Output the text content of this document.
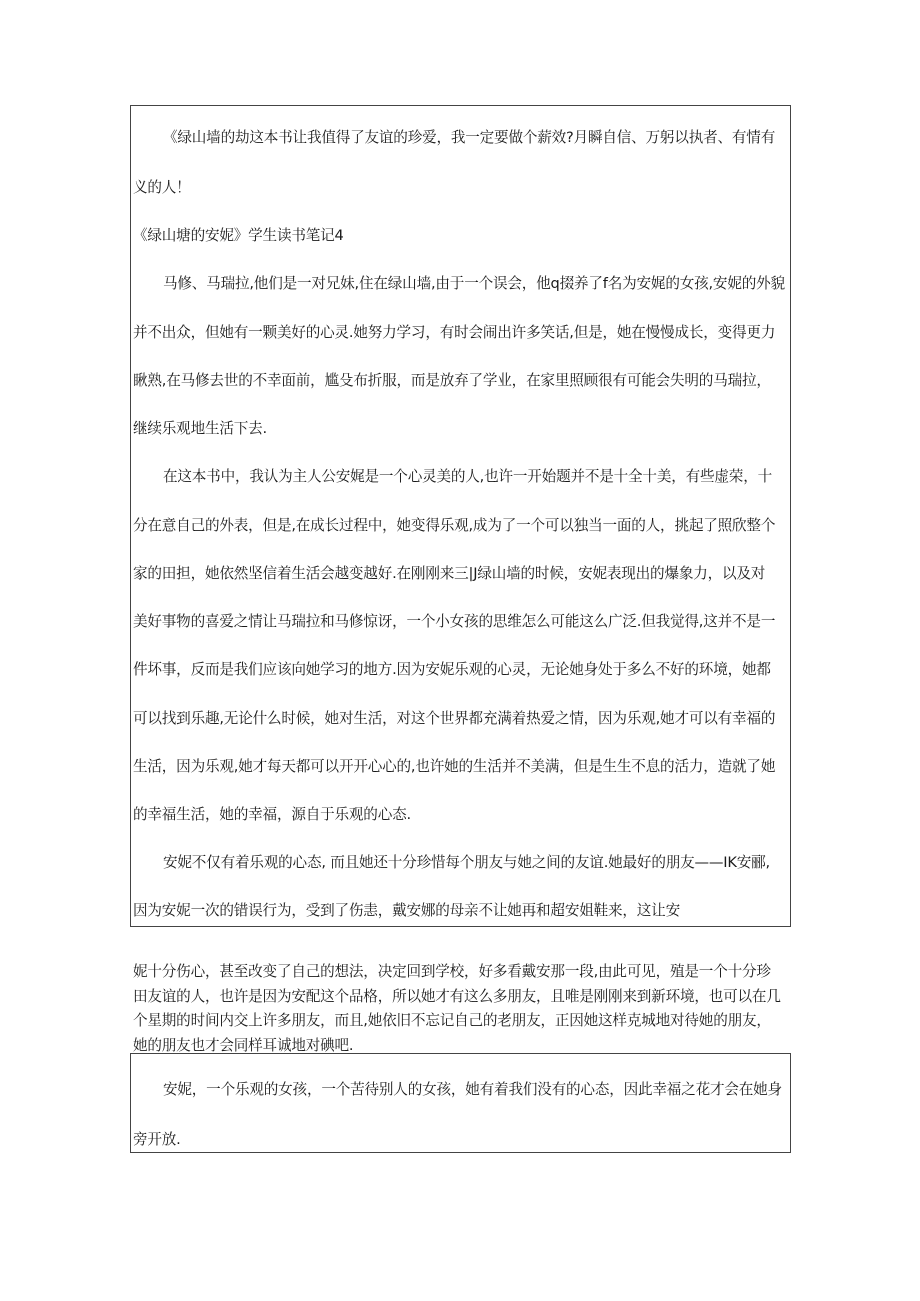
《绿山墙的劫这本书让我值得了友谊的珍爱，我一定要做个薪效?月瞬自信、万躬以执者、有情有

义的人！

《绿山塘的安妮》学生读书笔记4

马修、马瑞拉,他们是一对兄妹,住在绿山墙,由于一个误会，他q掇养了f名为安娓的女孩,安妮的外貌

并不出众，但她有一颗美好的心灵.她努力学习，有时会闹出许多笑话,但是，她在慢慢成长，变得更力

瞅熟,在马修去世的不幸面前，尴殳布折服，而是放弃了学业，在家里照顾很有可能会失明的马瑞拉，

继续乐观地生活下去.

在这本书中，我认为主人公安娓是一个心灵美的人,也许一开始题并不是十全十美，有些虚荣，十

分在意自己的外表，但是,在成长过程中，她变得乐观,成为了一个可以独当一面的人，挑起了照欣整个

家的田担，她依然坚信着生活会越变越好.在刚刚来三|J绿山墙的时候，安妮表现出的爆象力，以及对

美好事物的喜爱之情让马瑞拉和马修惊讶，一个小女孩的思维怎么可能这么广泛.但我觉得,这并不是一

件坏事，反而是我们应该向她学习的地方.因为安妮乐观的心灵，无论她身处于多么不好的环境，她都

可以找到乐趣,无论什么时候，她对生活，对这个世界都充满着热爱之情，因为乐观,她才可以有幸福的

生活，因为乐观,她才每天都可以开开心心的,也许她的生活并不美满，但是生生不息的活力，造就了她

的幸福生活，她的幸福，源自于乐观的心态.

安妮不仅有着乐观的心态, 而且她还十分珍惜每个朋友与她之间的友谊.她最好的朋友——IK安郦,

因为安妮一次的错误行为，受到了伤恚，戴安娜的母亲不让她再和超安姐鞋来，这让安

妮十分伤心，甚至改变了自己的想法，决定回到学校，好多看戴安那一段,由此可见，殖是一个十分珍

田友谊的人，也许是因为安配这个品格，所以她才有这么多朋友，且唯是刚刚来到新环境，也可以在几

个星期的时间内交上许多朋友，而且,她依旧不忘记自己的老朋友，正因她这样克城地对待她的朋友，

她的朋友也才会同样耳诚地对碘吧.

安妮，一个乐观的女孩，一个苦待别人的女孩，她有着我们没有的心态，因此幸福之花才会在她身

旁开放.
